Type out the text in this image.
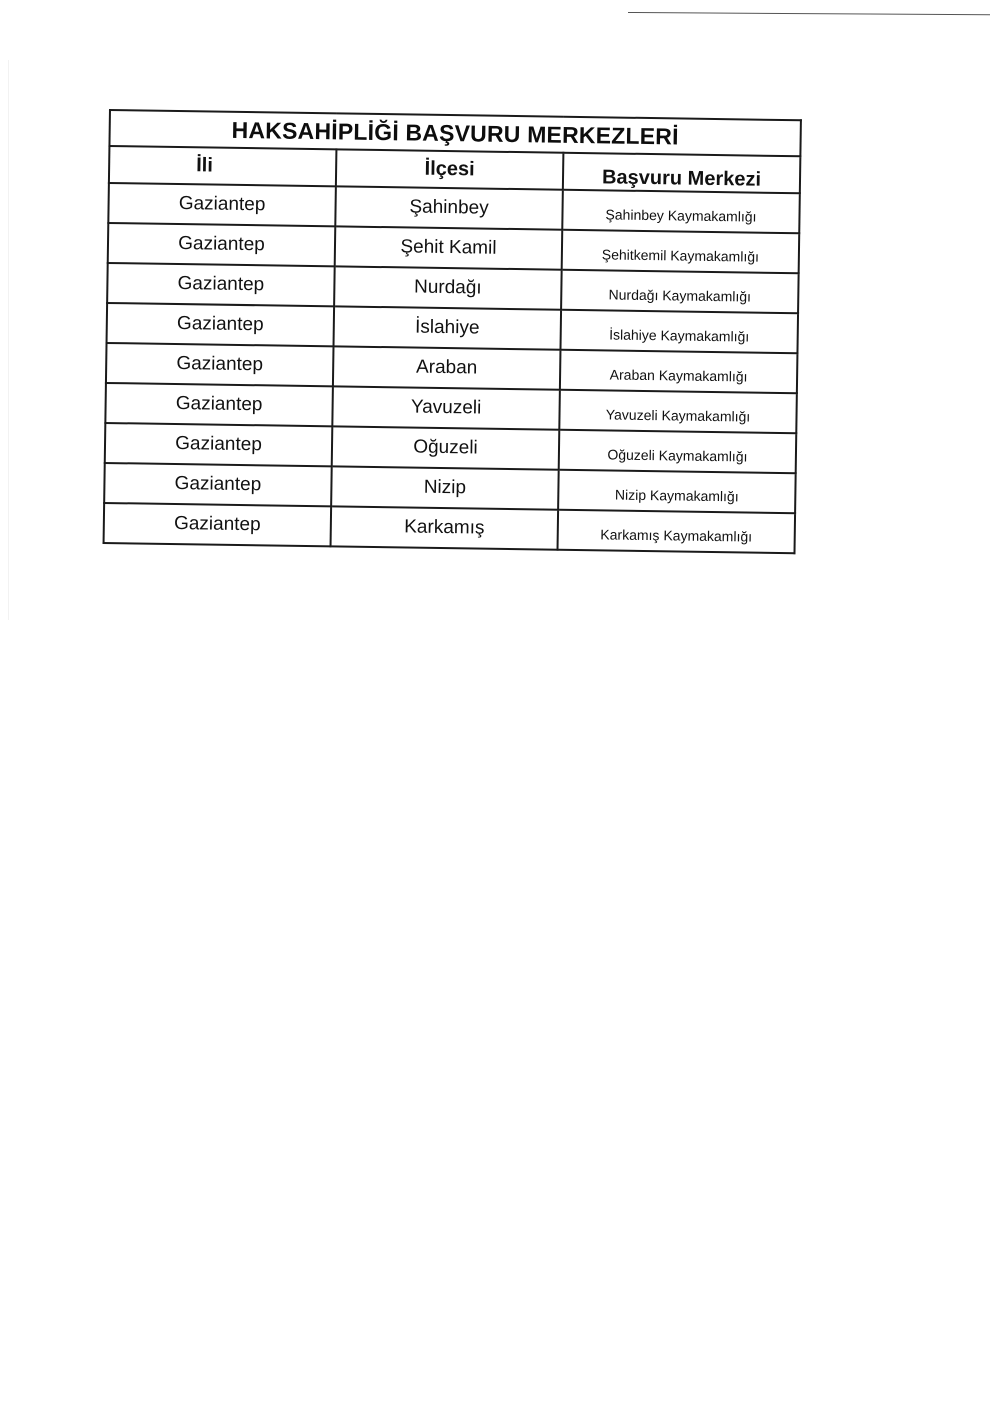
HAKSAHİPLİĞİ BAŞVURU MERKEZLERİ		
İli	İlçesi	Başvuru Merkezi
Gaziantep	Şahinbey	Şahinbey Kaymakamlığı
Gaziantep	Şehit Kamil	Şehitkemil Kaymakamlığı
Gaziantep	Nurdağı	Nurdağı Kaymakamlığı
Gaziantep	İslahiye	İslahiye Kaymakamlığı
Gaziantep	Araban	Araban Kaymakamlığı
Gaziantep	Yavuzeli	Yavuzeli Kaymakamlığı
Gaziantep	Oğuzeli	Oğuzeli Kaymakamlığı
Gaziantep	Nizip	Nizip Kaymakamlığı
Gaziantep	Karkamış	Karkamış Kaymakamlığı
